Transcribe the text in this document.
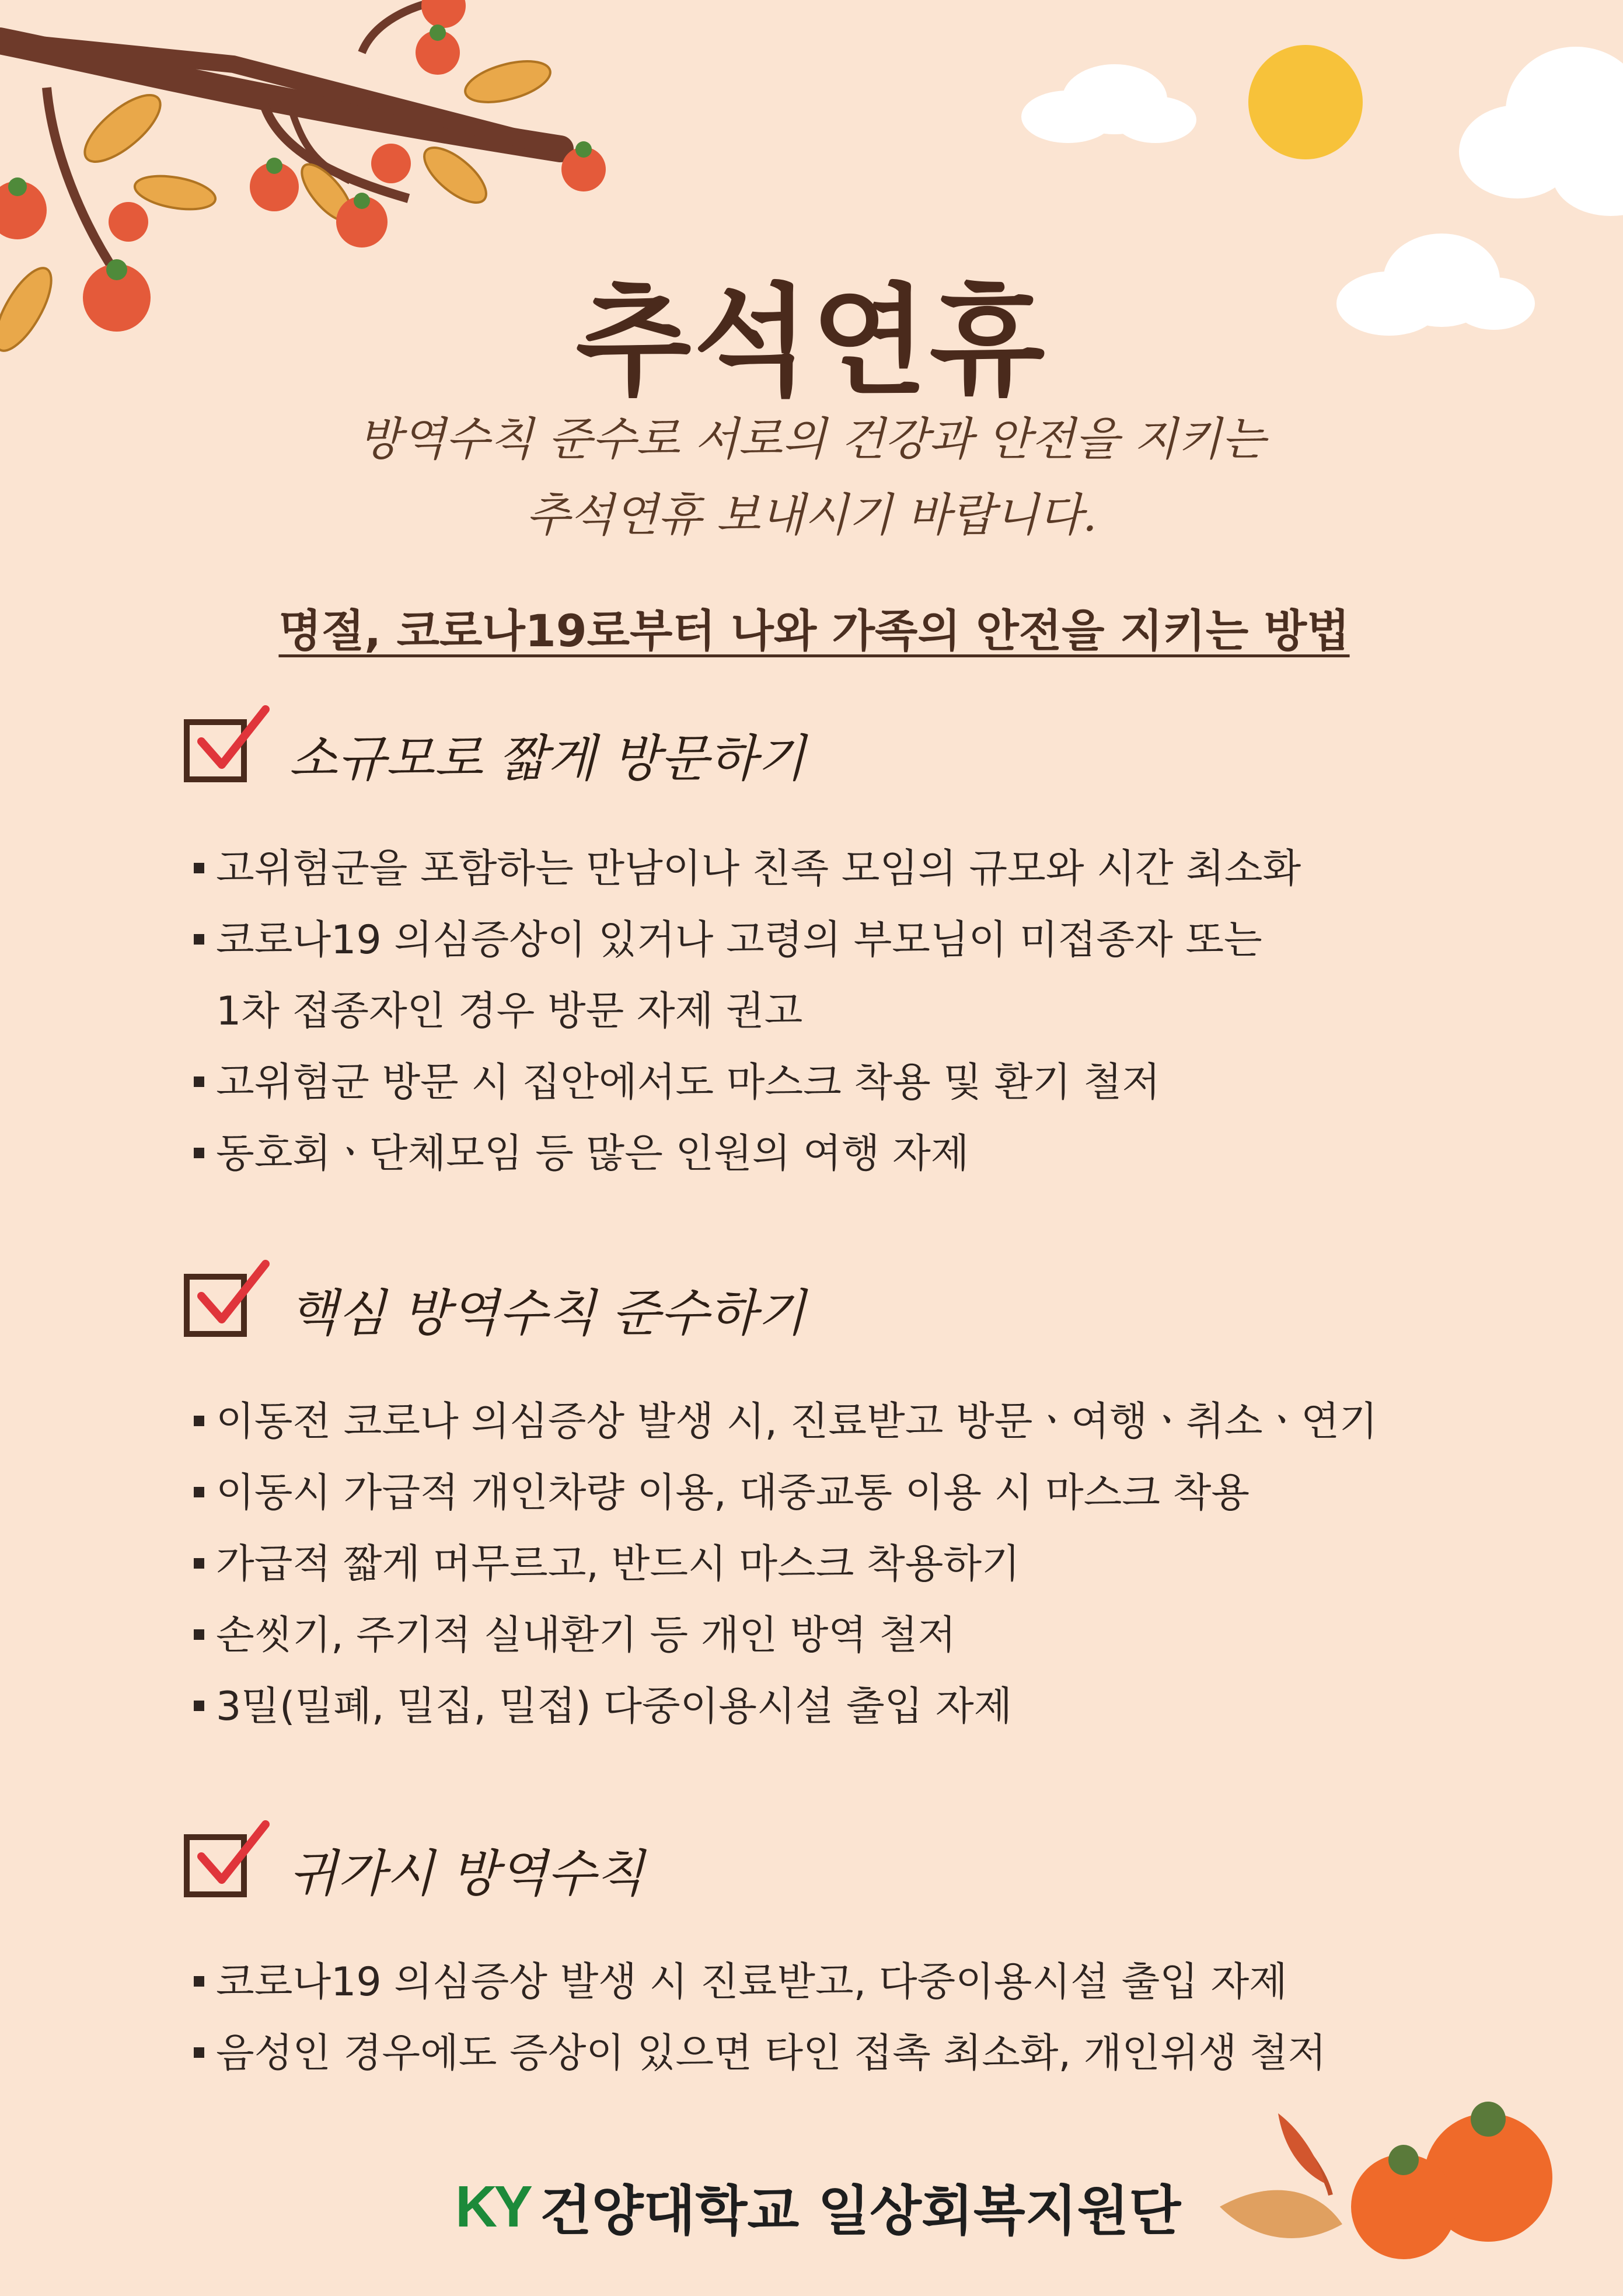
추석연휴

방역수칙 준수로 서로의 건강과 안전을 지키는

추석연휴 보내시기 바랍니다.

명절, 코로나19로부터 나와 가족의 안전을 지키는 방법
소규모로 짧게 방문하기
고위험군을 포함하는 만남이나 친족 모임의 규모와 시간 최소화
코로나19 의심증상이 있거나 고령의 부모님이 미접종자 또는
1차 접종자인 경우 방문 자제 권고
고위험군 방문 시 집안에서도 마스크 착용 및 환기 철저
동호회ㆍ단체모임 등 많은 인원의 여행 자제
핵심 방역수칙 준수하기
이동전 코로나 의심증상 발생 시, 진료받고 방문ㆍ여행ㆍ취소ㆍ연기
이동시 가급적 개인차량 이용, 대중교통 이용 시 마스크 착용
가급적 짧게 머무르고, 반드시 마스크 착용하기
손씻기, 주기적 실내환기 등 개인 방역 철저
3밀(밀폐, 밀집, 밀접) 다중이용시설 출입 자제
귀가시 방역수칙
코로나19 의심증상 발생 시 진료받고, 다중이용시설 출입 자제
음성인 경우에도 증상이 있으면 타인 접촉 최소화, 개인위생 철저
KY 건양대학교 일상회복지원단
